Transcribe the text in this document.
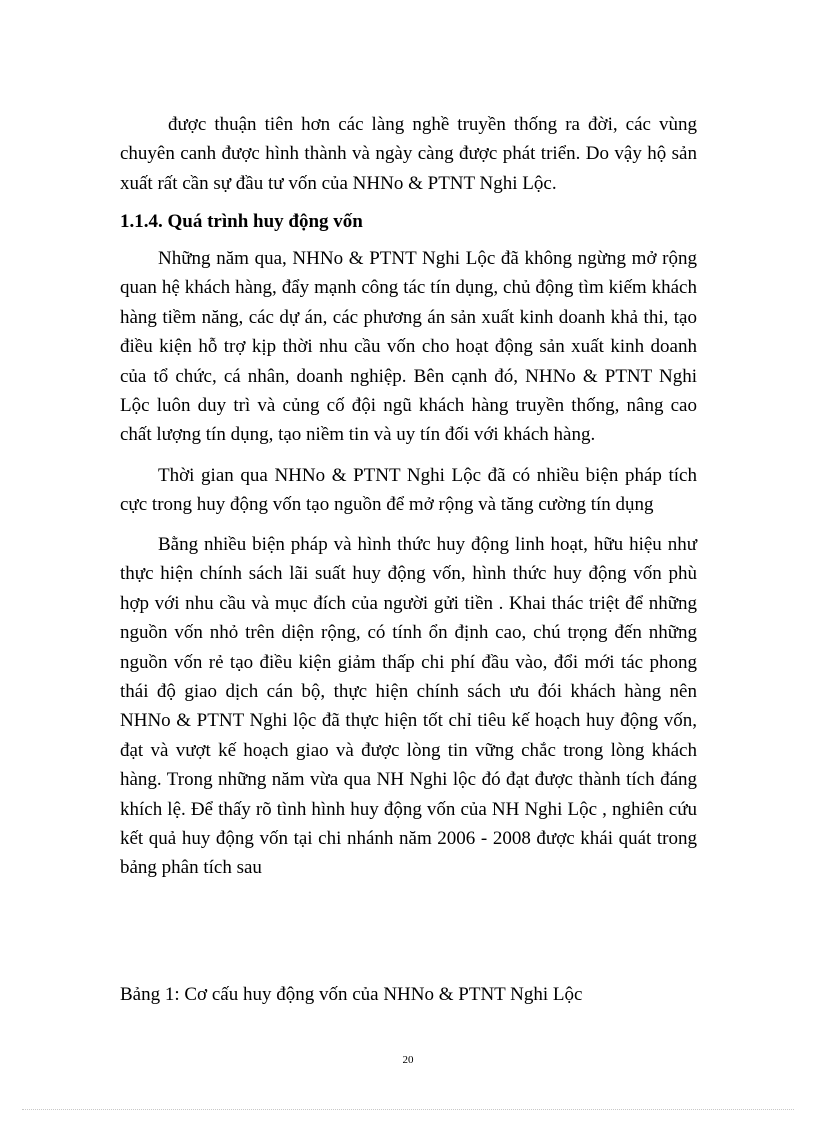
được thuận tiên hơn các làng nghề truyền thống ra đời, các vùng chuyên canh được hình thành và ngày càng được phát triển. Do vậy hộ sản xuất rất cần sự đầu tư vốn của NHNo & PTNT Nghi Lộc.

1.1.4. Quá trình huy động vốn

Những năm qua, NHNo & PTNT Nghi Lộc đã không ngừng mở rộng quan hệ khách hàng, đẩy mạnh công tác tín dụng, chủ động tìm kiếm khách hàng tiềm năng, các dự án, các phương án sản xuất kinh doanh khả thi, tạo điều kiện hỗ trợ kịp thời nhu cầu vốn cho hoạt động sản xuất kinh doanh của tổ chức, cá nhân, doanh nghiệp. Bên cạnh đó, NHNo & PTNT Nghi Lộc luôn duy trì và củng cố đội ngũ khách hàng truyền thống, nâng cao chất lượng tín dụng, tạo niềm tin và uy tín đối với khách hàng.

Thời gian qua NHNo & PTNT Nghi Lộc đã có nhiều biện pháp tích cực trong huy động vốn tạo nguồn để mở rộng và tăng cường tín dụng

Bằng nhiều biện pháp và hình thức huy động linh hoạt, hữu hiệu như thực hiện chính sách lãi suất huy động vốn, hình thức huy động vốn phù hợp với nhu cầu và mục đích của người gửi tiền . Khai thác triệt để những nguồn vốn nhỏ trên diện rộng, có tính ổn định cao, chú trọng đến những nguồn vốn rẻ tạo điều kiện giảm thấp chi phí đầu vào, đổi mới tác phong thái độ giao dịch cán bộ, thực hiện chính sách ưu đói khách hàng nên NHNo & PTNT Nghi lộc đã thực hiện tốt chỉ tiêu kế hoạch huy động vốn, đạt và vượt kế hoạch giao và được lòng tin vững chắc trong lòng khách hàng. Trong những năm vừa qua NH Nghi lộc đó đạt được thành tích đáng khích lệ. Để thấy rõ tình hình huy động vốn của NH Nghi Lộc , nghiên cứu kết quả huy động vốn tại chi nhánh năm 2006 - 2008 được khái quát trong bảng phân tích sau

Bảng 1: Cơ cấu huy động vốn của NHNo & PTNT Nghi Lộc

20
